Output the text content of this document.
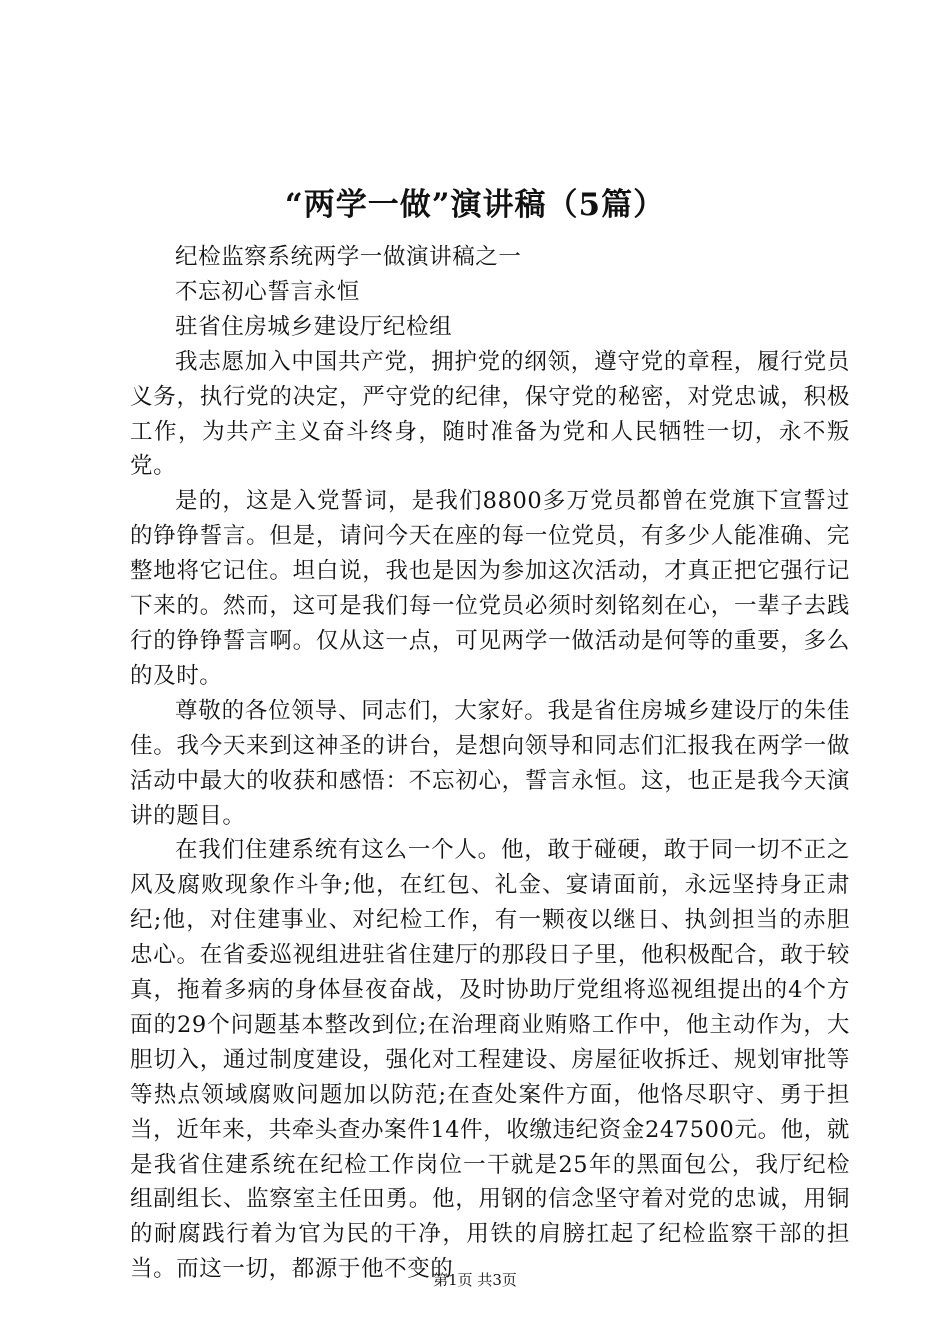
“两学一做”演讲稿（5篇）

纪检监察系统两学一做演讲稿之一

不忘初心誓言永恒

驻省住房城乡建设厅纪检组

我志愿加入中国共产党，拥护党的纲领，遵守党的章程，履行党员义务，执行党的决定，严守党的纪律，保守党的秘密，对党忠诚，积极工作，为共产主义奋斗终身，随时准备为党和人民牺牲一切，永不叛党。

是的，这是入党誓词，是我们8800多万党员都曾在党旗下宣誓过的铮铮誓言。但是，请问今天在座的每一位党员，有多少人能准确、完整地将它记住。坦白说，我也是因为参加这次活动，才真正把它强行记下来的。然而，这可是我们每一位党员必须时刻铭刻在心，一辈子去践行的铮铮誓言啊。仅从这一点，可见两学一做活动是何等的重要，多么的及时。

尊敬的各位领导、同志们，大家好。我是省住房城乡建设厅的朱佳佳。我今天来到这神圣的讲台，是想向领导和同志们汇报我在两学一做活动中最大的收获和感悟：不忘初心，誓言永恒。这，也正是我今天演讲的题目。

在我们住建系统有这么一个人。他，敢于碰硬，敢于同一切不正之风及腐败现象作斗争;他，在红包、礼金、宴请面前，永远坚持身正肃纪;他，对住建事业、对纪检工作，有一颗夜以继日、执剑担当的赤胆忠心。在省委巡视组进驻省住建厅的那段日子里，他积极配合，敢于较真，拖着多病的身体昼夜奋战，及时协助厅党组将巡视组提出的4个方面的29个问题基本整改到位;在治理商业贿赂工作中，他主动作为，大胆切入，通过制度建设，强化对工程建设、房屋征收拆迁、规划审批等等热点领域腐败问题加以防范;在查处案件方面，他恪尽职守、勇于担当，近年来，共牵头查办案件14件，收缴违纪资金247500元。他，就是我省住建系统在纪检工作岗位一干就是25年的黑面包公，我厅纪检组副组长、监察室主任田勇。他，用钢的信念坚守着对党的忠诚，用铜的耐腐践行着为官为民的干净，用铁的肩膀扛起了纪检监察干部的担当。而这一切，都源于他不变的

第1页 共3页
